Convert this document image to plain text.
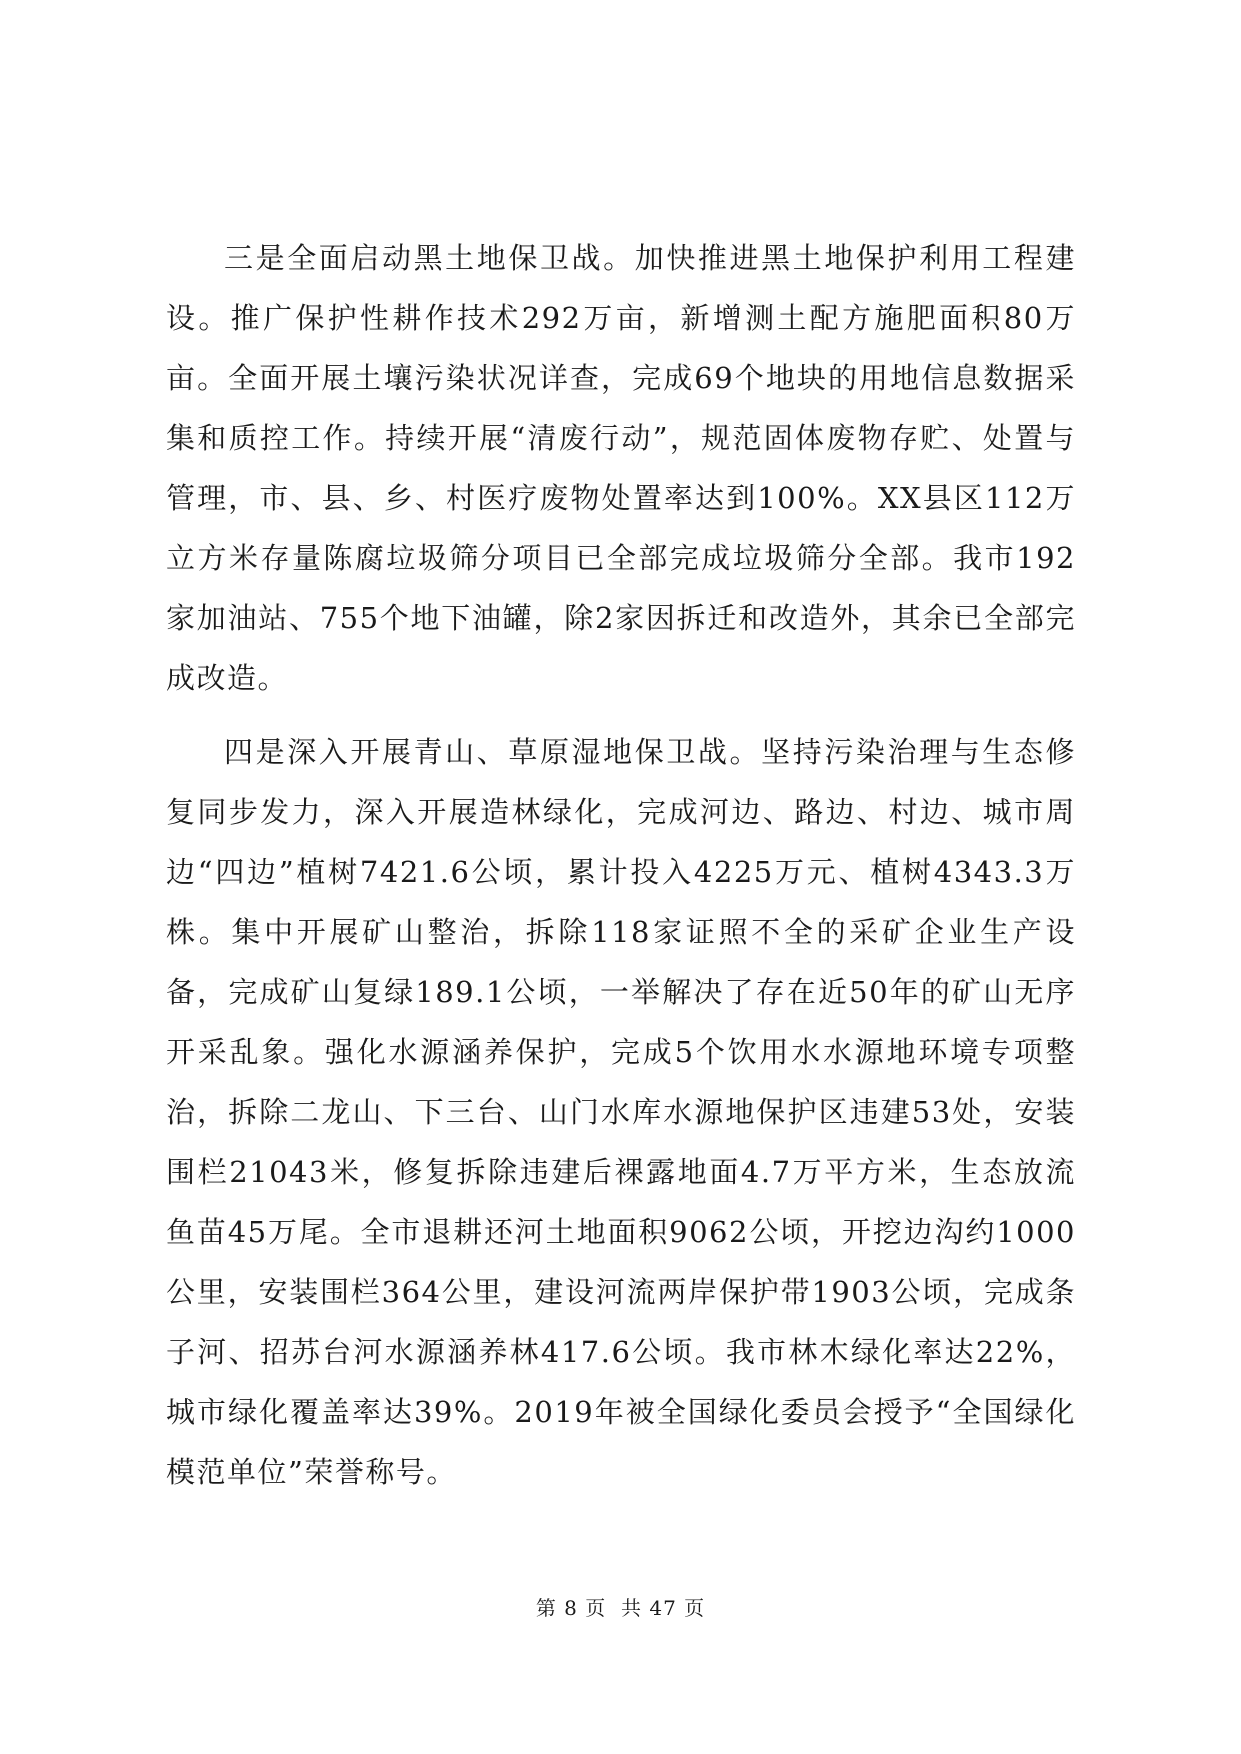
三是全面启动黑土地保卫战。加快推进黑土地保护利用工程建设。推广保护性耕作技术292万亩，新增测土配方施肥面积80万亩。全面开展土壤污染状况详查，完成69个地块的用地信息数据采集和质控工作。持续开展“清废行动”，规范固体废物存贮、处置与管理，市、县、乡、村医疗废物处置率达到100%。XX县区112万立方米存量陈腐垃圾筛分项目已全部完成垃圾筛分全部。我市192家加油站、755个地下油罐，除2家因拆迁和改造外，其余已全部完成改造。

四是深入开展青山、草原湿地保卫战。坚持污染治理与生态修复同步发力，深入开展造林绿化，完成河边、路边、村边、城市周边“四边”植树7421.6公顷，累计投入4225万元、植树4343.3万株。集中开展矿山整治，拆除118家证照不全的采矿企业生产设备，完成矿山复绿189.1公顷，一举解决了存在近50年的矿山无序开采乱象。强化水源涵养保护，完成5个饮用水水源地环境专项整治，拆除二龙山、下三台、山门水库水源地保护区违建53处，安装围栏21043米，修复拆除违建后裸露地面4.7万平方米，生态放流鱼苗45万尾。全市退耕还河土地面积9062公顷，开挖边沟约1000公里，安装围栏364公里，建设河流两岸保护带1903公顷，完成条子河、招苏台河水源涵养林417.6公顷。我市林木绿化率达22%，城市绿化覆盖率达39%。2019年被全国绿化委员会授予“全国绿化模范单位”荣誉称号。

第 8 页  共 47 页
